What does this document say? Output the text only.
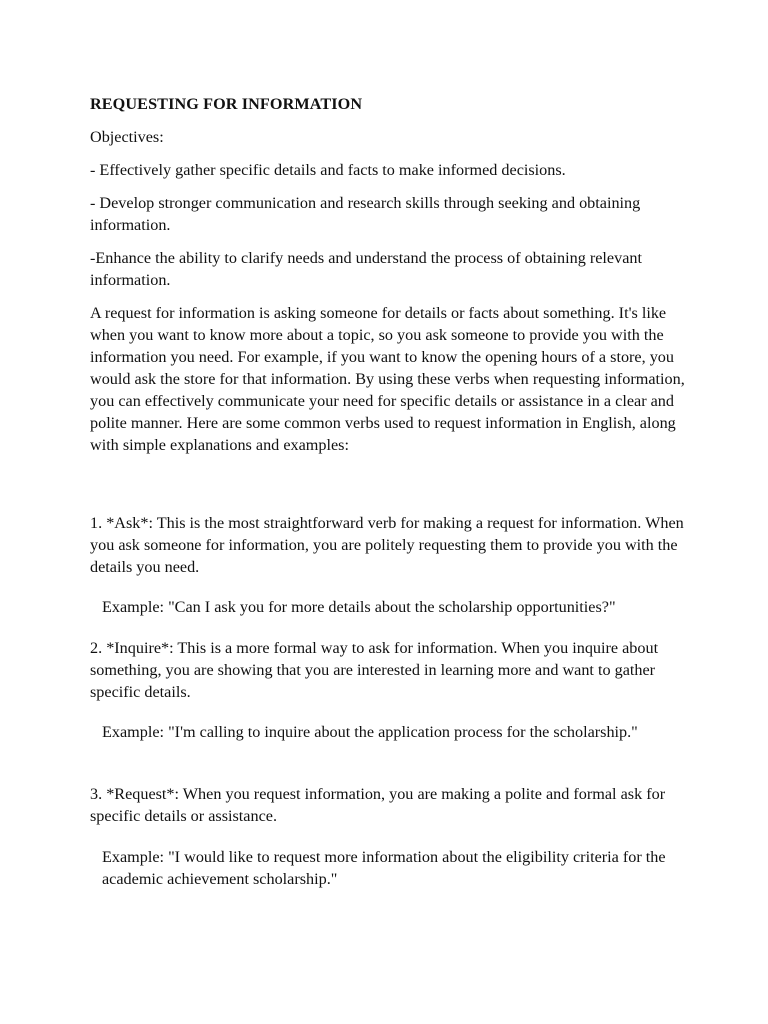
REQUESTING FOR INFORMATION

Objectives:

- Effectively gather specific details and facts to make informed decisions.

- Develop stronger communication and research skills through seeking and obtaining information.

-Enhance the ability to clarify needs and understand the process of obtaining relevant information.

A request for information is asking someone for details or facts about something. It's like when you want to know more about a topic, so you ask someone to provide you with the information you need. For example, if you want to know the opening hours of a store, you would ask the store for that information. By using these verbs when requesting information, you can effectively communicate your need for specific details or assistance in a clear and polite manner. Here are some common verbs used to request information in English, along with simple explanations and examples:

1. *Ask*: This is the most straightforward verb for making a request for information. When you ask someone for information, you are politely requesting them to provide you with the details you need.

Example: "Can I ask you for more details about the scholarship opportunities?"

2. *Inquire*: This is a more formal way to ask for information. When you inquire about something, you are showing that you are interested in learning more and want to gather specific details.

Example: "I'm calling to inquire about the application process for the scholarship."

3. *Request*: When you request information, you are making a polite and formal ask for specific details or assistance.

Example: "I would like to request more information about the eligibility criteria for the academic achievement scholarship."
